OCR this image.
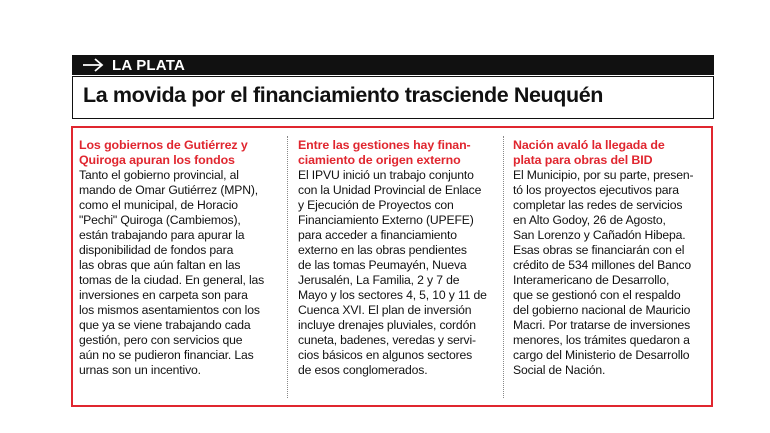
LA PLATA
La movida por el financiamiento trasciende Neuquén

Los gobiernos de Gutiérrez y
Quiroga apuran los fondos

Tanto el gobierno provincial, al
mando de Omar Gutiérrez (MPN),
como el municipal, de Horacio
"Pechi" Quiroga (Cambiemos),
están trabajando para apurar la
disponibilidad de fondos para
las obras que aún faltan en las
tomas de la ciudad. En general, las
inversiones en carpeta son para
los mismos asentamientos con los
que ya se viene trabajando cada
gestión, pero con servicios que
aún no se pudieron financiar. Las
urnas son un incentivo.

Entre las gestiones hay finan-
ciamiento de origen externo

El IPVU inició un trabajo conjunto
con la Unidad Provincial de Enlace
y Ejecución de Proyectos con
Financiamiento Externo (UPEFE)
para acceder a financiamiento
externo en las obras pendientes
de las tomas Peumayén, Nueva
Jerusalén, La Familia, 2 y 7 de
Mayo y los sectores 4, 5, 10 y 11 de
Cuenca XVI. El plan de inversión
incluye drenajes pluviales, cordón
cuneta, badenes, veredas y servi-
cios básicos en algunos sectores
de esos conglomerados.

Nación avaló la llegada de
plata para obras del BID

El Municipio, por su parte, presen-
tó los proyectos ejecutivos para
completar las redes de servicios
en Alto Godoy, 26 de Agosto,
San Lorenzo y Cañadón Hibepa.
Esas obras se financiarán con el
crédito de 534 millones del Banco
Interamericano de Desarrollo,
que se gestionó con el respaldo
del gobierno nacional de Mauricio
Macri. Por tratarse de inversiones
menores, los trámites quedaron a
cargo del Ministerio de Desarrollo
Social de Nación.
